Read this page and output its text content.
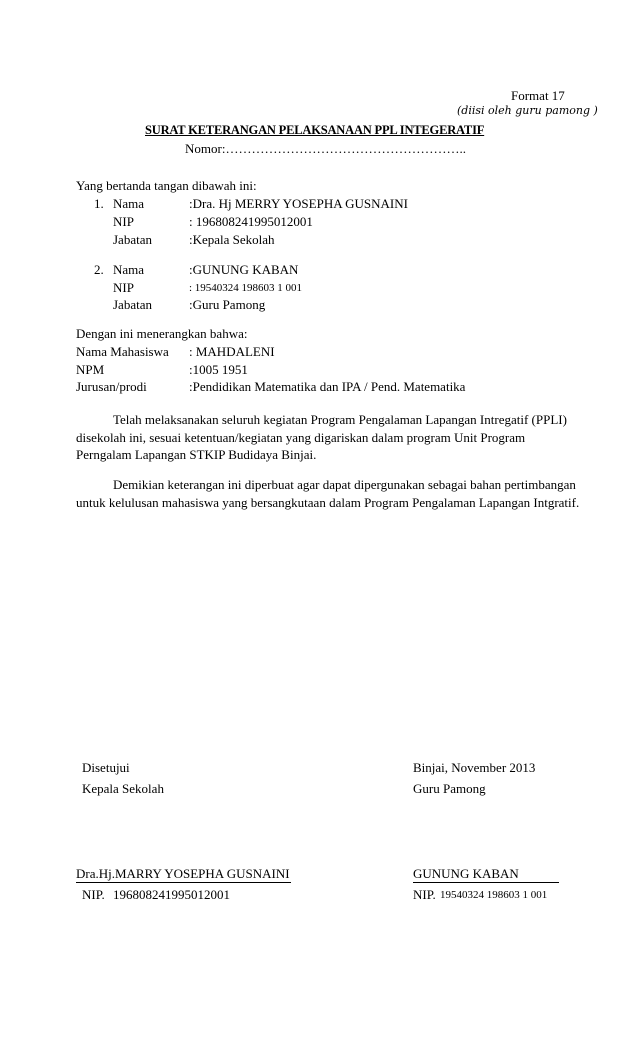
Format 17
(diisi oleh guru pamong )
SURAT KETERANGAN PELAKSANAAN PPL INTEGERATIF
Nomor:………………………………………………..
Yang bertanda tangan dibawah ini:
1. Nama	:Dra. Hj MERRY YOSEPHA GUSNAINI
NIP	: 196808241995012001
Jabatan	:Kepala Sekolah
2. Nama	:GUNUNG KABAN
NIP	: 19540324 198603 1 001
Jabatan	:Guru Pamong
Dengan ini menerangkan bahwa:
Nama Mahasiswa : MAHDALENI
NPM	:1005 1951
Jurusan/prodi	:Pendidikan Matematika dan IPA / Pend. Matematika
Telah melaksanakan seluruh kegiatan Program Pengalaman Lapangan Intregatif (PPLI)
disekolah ini, sesuai ketentuan/kegiatan yang digariskan dalam program Unit Program
Perngalam Lapangan STKIP Budidaya Binjai.
Demikian keterangan ini diperbuat agar dapat dipergunakan sebagai bahan pertimbangan
untuk kelulusan mahasiswa yang bersangkutaan dalam Program Pengalaman Lapangan Intgratif.
Disetujui
Kepala Sekolah
Dra.Hj.MARRY YOSEPHA GUSNAINI
NIP. 196808241995012001
Binjai, November 2013
Guru Pamong
GUNUNG KABAN
NIP. 19540324 198603 1 001
